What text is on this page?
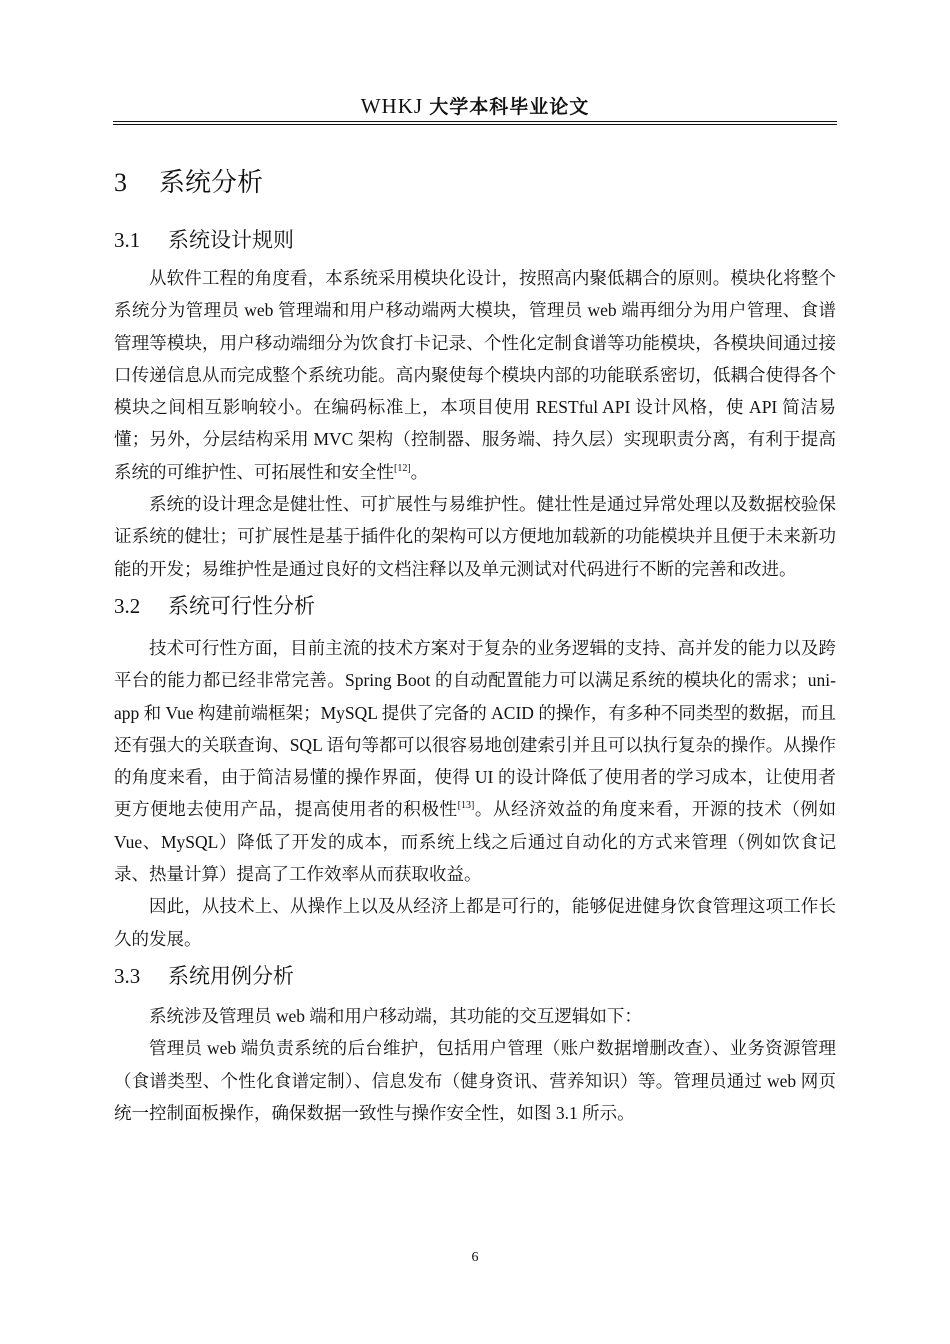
WHKJ 大学本科毕业论文
3 系统分析
3.1 系统设计规则

从软件工程的角度看，本系统采用模块化设计，按照高内聚低耦合的原则。模块化将整个系统分为管理员 web 管理端和用户移动端两大模块，管理员 web 端再细分为用户管理、食谱管理等模块，用户移动端细分为饮食打卡记录、个性化定制食谱等功能模块，各模块间通过接口传递信息从而完成整个系统功能。高内聚使每个模块内部的功能联系密切，低耦合使得各个模块之间相互影响较小。在编码标准上，本项目使用 RESTful API 设计风格，使 API 简洁易懂；另外，分层结构采用 MVC 架构（控制器、服务端、持久层）实现职责分离，有利于提高系统的可维护性、可拓展性和安全性[12]。

系统的设计理念是健壮性、可扩展性与易维护性。健壮性是通过异常处理以及数据校验保证系统的健壮；可扩展性是基于插件化的架构可以方便地加载新的功能模块并且便于未来新功能的开发；易维护性是通过良好的文档注释以及单元测试对代码进行不断的完善和改进。

3.2 系统可行性分析

技术可行性方面，目前主流的技术方案对于复杂的业务逻辑的支持、高并发的能力以及跨平台的能力都已经非常完善。Spring Boot 的自动配置能力可以满足系统的模块化的需求；uni-app 和 Vue 构建前端框架；MySQL 提供了完备的 ACID 的操作，有多种不同类型的数据，而且还有强大的关联查询、SQL 语句等都可以很容易地创建索引并且可以执行复杂的操作。从操作的角度来看，由于简洁易懂的操作界面，使得 UI 的设计降低了使用者的学习成本，让使用者更方便地去使用产品，提高使用者的积极性[13]。从经济效益的角度来看，开源的技术（例如 Vue、MySQL）降低了开发的成本，而系统上线之后通过自动化的方式来管理（例如饮食记录、热量计算）提高了工作效率从而获取收益。

因此，从技术上、从操作上以及从经济上都是可行的，能够促进健身饮食管理这项工作长久的发展。

3.3 系统用例分析

系统涉及管理员 web 端和用户移动端，其功能的交互逻辑如下：

管理员 web 端负责系统的后台维护，包括用户管理（账户数据增删改查）、业务资源管理（食谱类型、个性化食谱定制）、信息发布（健身资讯、营养知识）等。管理员通过 web 网页统一控制面板操作，确保数据一致性与操作安全性，如图 3.1 所示。

6
